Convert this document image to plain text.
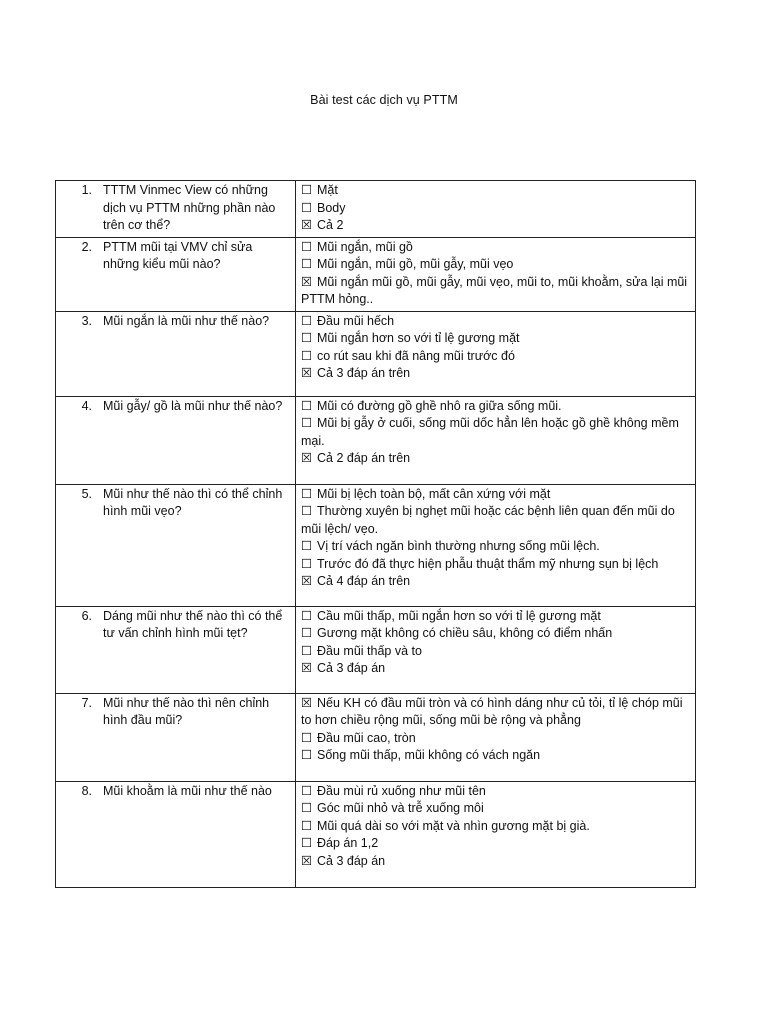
Bài test các dịch vụ PTTM
1. TTTM Vinmec View có những dịch vụ PTTM những phần nào trên cơ thể?	☐ Mặt
☐ Body
☒ Cả 2

2. PTTM mũi tại VMV chỉ sửa những kiểu mũi nào?	☐ Mũi ngắn, mũi gồ
☐ Mũi ngắn, mũi gồ, mũi gẫy, mũi vẹo
☒ Mũi ngắn mũi gồ, mũi gẫy, mũi vẹo, mũi to, mũi khoằm, sửa lại mũi PTTM hỏng..

3. Mũi ngắn là mũi như thế nào?	☐ Đầu mũi hếch
☐ Mũi ngắn hơn so với tỉ lệ gương mặt
☐ co rút sau khi đã nâng mũi trước đó
☒ Cả 3 đáp án trên

4. Mũi gẫy/ gồ là mũi như thế nào?	☐ Mũi có đường gồ ghề nhô ra giữa sống mũi.
☐ Mũi bị gẫy ở cuối, sống mũi dốc hẳn lên hoặc gồ ghề không mềm mại.
☒ Cả 2 đáp án trên

5. Mũi như thế nào thì có thể chỉnh hình mũi vẹo?	☐ Mũi bị lệch toàn bộ, mất cân xứng với mặt
☐ Thường xuyên bị nghẹt mũi hoặc các bệnh liên quan đến mũi do mũi lệch/ vẹo.
☐ Vị trí vách ngăn bình thường nhưng sống mũi lệch.
☐ Trước đó đã thực hiện phẫu thuật thẩm mỹ nhưng sụn bị lệch
☒ Cả 4 đáp án trên

6. Dáng mũi như thế nào thì có thể tư vấn chỉnh hình mũi tẹt?	☐ Cầu mũi thấp, mũi ngắn hơn so với tỉ lệ gương mặt
☐ Gương mặt không có chiều sâu, không có điểm nhấn
☐ Đầu mũi thấp và to
☒ Cả 3 đáp án

7. Mũi như thế nào thì nên chỉnh hình đầu mũi?	☒ Nếu KH có đầu mũi tròn và có hình dáng như củ tỏi, tỉ lệ chóp mũi to hơn chiều rộng mũi, sống mũi bè rộng và phẳng
☐ Đầu mũi cao, tròn
☐ Sống mũi thấp, mũi không có vách ngăn

8. Mũi khoằm là mũi như thế nào	☐ Đầu mùi rủ xuống như mũi tên
☐ Góc mũi nhỏ và trễ xuống môi
☐ Mũi quá dài so với mặt và nhìn gương mặt bị già.
☐ Đáp án 1,2
☒ Cả 3 đáp án
